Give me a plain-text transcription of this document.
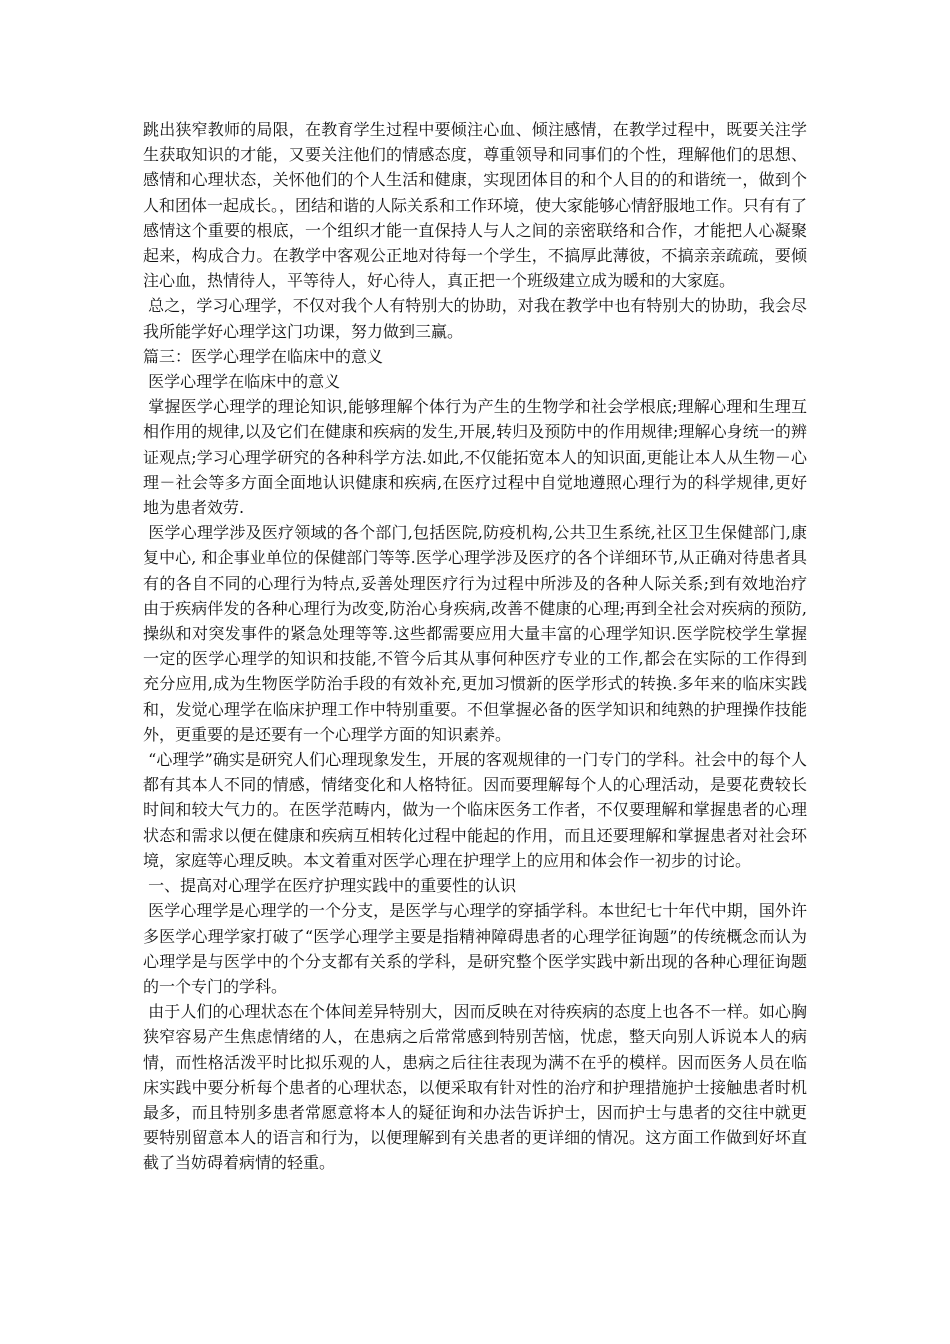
跳出狭窄教师的局限，在教育学生过程中要倾注心血、倾注感情，在教学过程中，既要关注学生获取知识的才能，又要关注他们的情感态度，尊重领导和同事们的个性，理解他们的思想、感情和心理状态，关怀他们的个人生活和健康，实现团体目的和个人目的的和谐统一，做到个人和团体一起成长。，团结和谐的人际关系和工作环境，使大家能够心情舒服地工作。只有有了感情这个重要的根底，一个组织才能一直保持人与人之间的亲密联络和合作，才能把人心凝聚起来，构成合力。在教学中客观公正地对待每一个学生，不搞厚此薄彼，不搞亲亲疏疏，要倾注心血，热情待人，平等待人，好心待人，真正把一个班级建立成为暖和的大家庭。

总之，学习心理学，不仅对我个人有特别大的协助，对我在教学中也有特别大的协助，我会尽我所能学好心理学这门功课，努力做到三赢。

篇三：医学心理学在临床中的意义

医学心理学在临床中的意义

掌握医学心理学的理论知识,能够理解个体行为产生的生物学和社会学根底;理解心理和生理互相作用的规律,以及它们在健康和疾病的发生,开展,转归及预防中的作用规律;理解心身统一的辨证观点;学习心理学研究的各种科学方法.如此,不仅能拓宽本人的知识面,更能让本人从生物－心理－社会等多方面全面地认识健康和疾病,在医疗过程中自觉地遵照心理行为的科学规律,更好地为患者效劳.

医学心理学涉及医疗领域的各个部门,包括医院,防疫机构,公共卫生系统,社区卫生保健部门,康复中心, 和企事业单位的保健部门等等.医学心理学涉及医疗的各个详细环节,从正确对待患者具有的各自不同的心理行为特点,妥善处理医疗行为过程中所涉及的各种人际关系;到有效地治疗由于疾病伴发的各种心理行为改变,防治心身疾病,改善不健康的心理;再到全社会对疾病的预防,操纵和对突发事件的紧急处理等等.这些都需要应用大量丰富的心理学知识.医学院校学生掌握一定的医学心理学的知识和技能,不管今后其从事何种医疗专业的工作,都会在实际的工作得到充分应用,成为生物医学防治手段的有效补充,更加习惯新的医学形式的转换.多年来的临床实践和，发觉心理学在临床护理工作中特别重要。不但掌握必备的医学知识和纯熟的护理操作技能外，更重要的是还要有一个心理学方面的知识素养。

“心理学”确实是研究人们心理现象发生，开展的客观规律的一门专门的学科。社会中的每个人都有其本人不同的情感，情绪变化和人格特征。因而要理解每个人的心理活动，是要花费较长时间和较大气力的。在医学范畴内，做为一个临床医务工作者，不仅要理解和掌握患者的心理状态和需求以便在健康和疾病互相转化过程中能起的作用，而且还要理解和掌握患者对社会环境，家庭等心理反映。本文着重对医学心理在护理学上的应用和体会作一初步的讨论。

一、提高对心理学在医疗护理实践中的重要性的认识

医学心理学是心理学的一个分支，是医学与心理学的穿插学科。本世纪七十年代中期，国外许多医学心理学家打破了“医学心理学主要是指精神障碍患者的心理学征询题”的传统概念而认为心理学是与医学中的个分支都有关系的学科，是研究整个医学实践中新出现的各种心理征询题的一个专门的学科。

由于人们的心理状态在个体间差异特别大，因而反映在对待疾病的态度上也各不一样。如心胸狭窄容易产生焦虑情绪的人，在患病之后常常感到特别苦恼，忧虑，整天向别人诉说本人的病情，而性格活泼平时比拟乐观的人，患病之后往往表现为满不在乎的模样。因而医务人员在临床实践中要分析每个患者的心理状态，以便采取有针对性的治疗和护理措施护士接触患者时机最多，而且特别多患者常愿意将本人的疑征询和办法告诉护士，因而护士与患者的交往中就更要特别留意本人的语言和行为，以便理解到有关患者的更详细的情况。这方面工作做到好坏直截了当妨碍着病情的轻重。
